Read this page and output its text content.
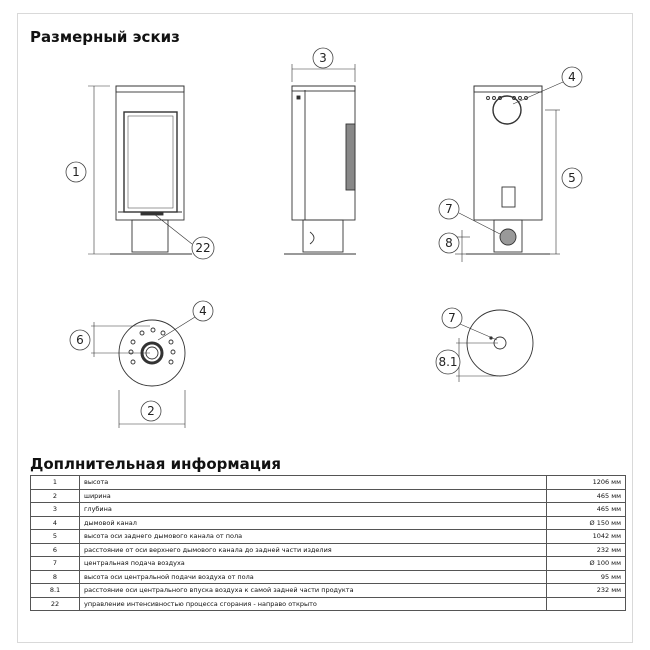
Размерный эскиз
1
22
3
4
5
7
8
4
6
2
7
8.1
Доплнительная информация
1	высота	1206 мм
2	ширина	465 мм
3	глубина	465 мм
4	дымовой канал	Ø 150 мм
5	высота оси заднего дымового канала от пола	1042 мм
6	расстояние от оси верхнего дымового канала до задней части изделия	232 мм
7	центральная подача воздуха	Ø 100 мм
8	высота оси центральной подачи воздуха от пола	95 мм
8.1	расстояние оси центрального впуска воздуха к самой задней части продукта	232 мм
22	управление интенсивностью процесса сгорания - направо открыто	
